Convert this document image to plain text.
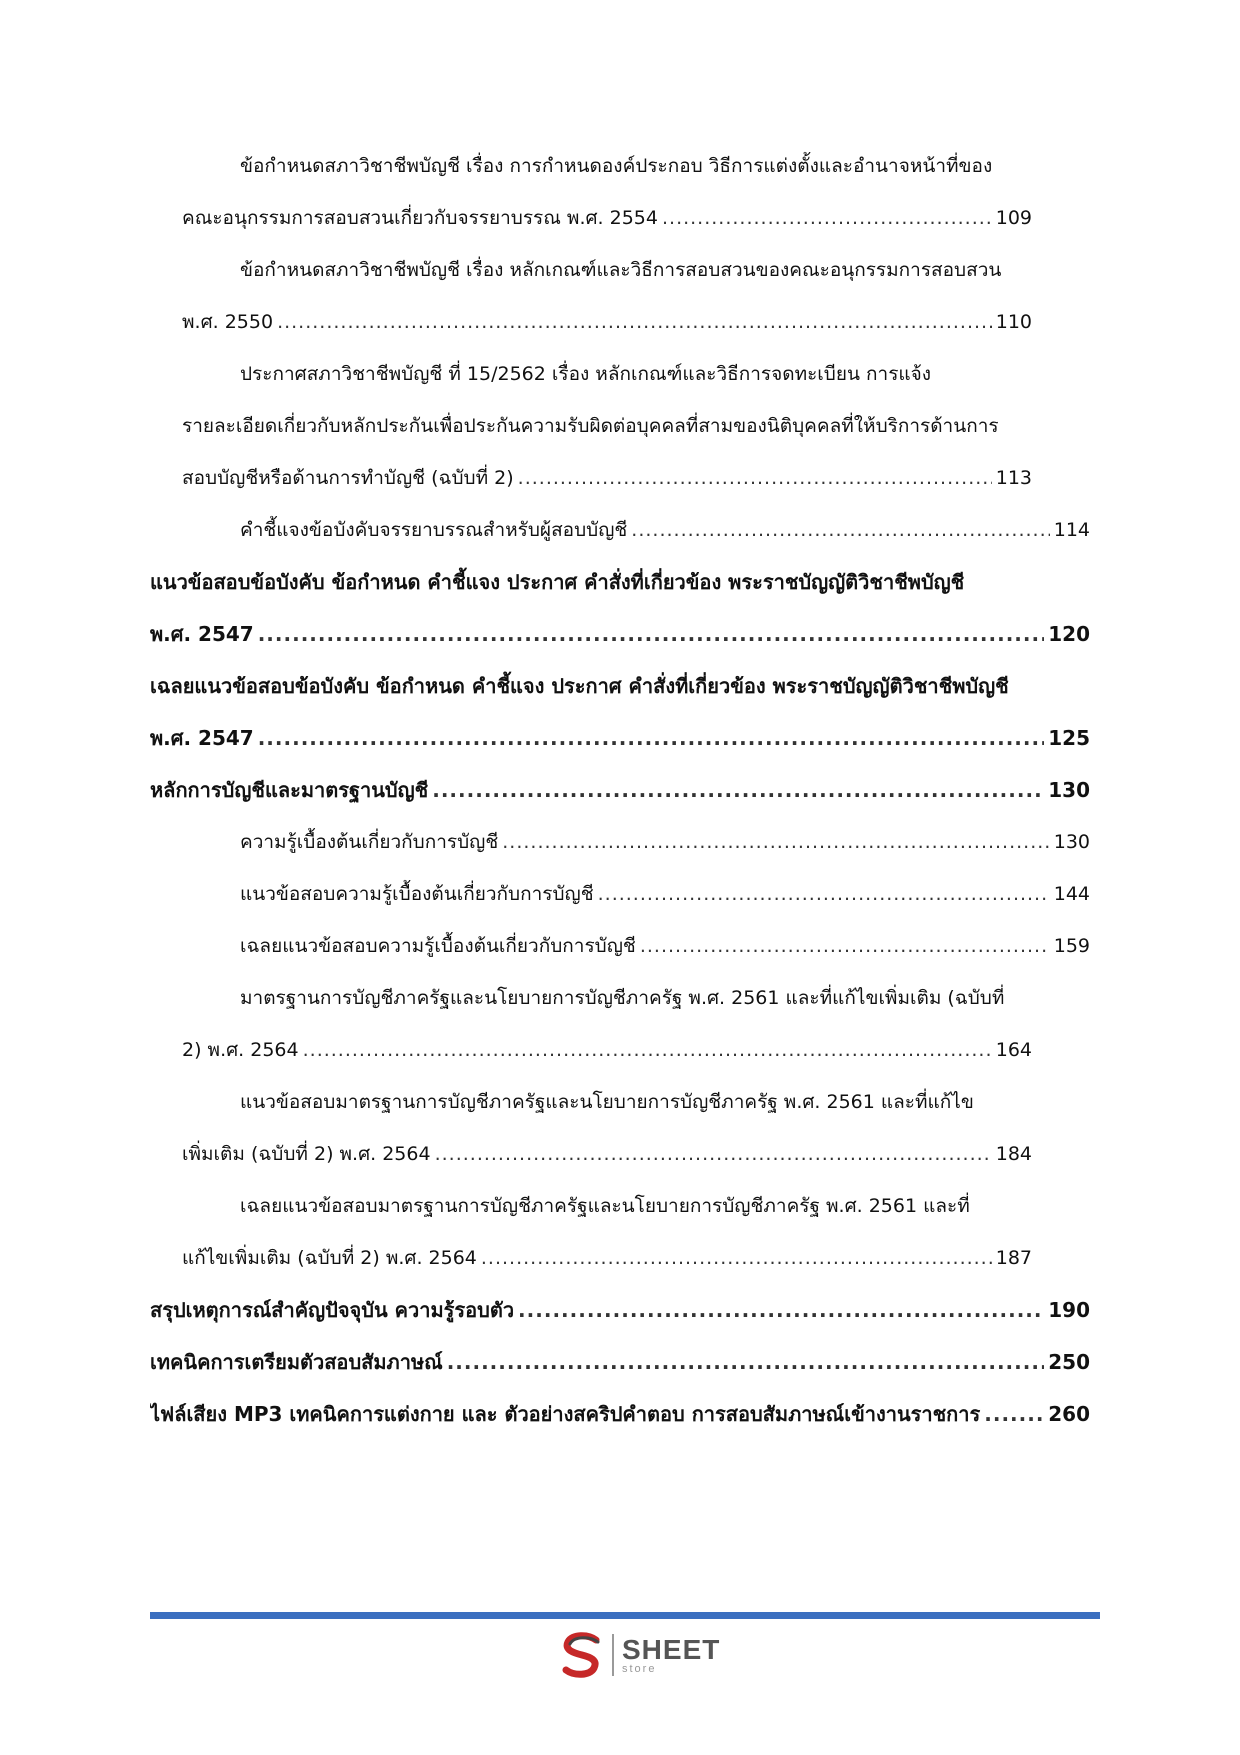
ข้อกำหนดสภาวิชาชีพบัญชี เรื่อง การกำหนดองค์ประกอบ วิธีการแต่งตั้งและอำนาจหน้าที่ของ
คณะอนุกรรมการสอบสวนเกี่ยวกับจรรยาบรรณ พ.ศ. 2554 .....	109
ข้อกำหนดสภาวิชาชีพบัญชี เรื่อง หลักเกณฑ์และวิธีการสอบสวนของคณะอนุกรรมการสอบสวน
พ.ศ. 2550 .....	110
ประกาศสภาวิชาชีพบัญชี ที่ 15/2562 เรื่อง หลักเกณฑ์และวิธีการจดทะเบียน การแจ้ง
รายละเอียดเกี่ยวกับหลักประกันเพื่อประกันความรับผิดต่อบุคคลที่สามของนิติบุคคลที่ให้บริการด้านการ
สอบบัญชีหรือด้านการทำบัญชี (ฉบับที่ 2) .....	113
คำชี้แจงข้อบังคับจรรยาบรรณสำหรับผู้สอบบัญชี .....	114
แนวข้อสอบข้อบังคับ ข้อกำหนด คำชี้แจง ประกาศ คำสั่งที่เกี่ยวข้อง พระราชบัญญัติวิชาชีพบัญชี
พ.ศ. 2547 .....	120
เฉลยแนวข้อสอบข้อบังคับ ข้อกำหนด คำชี้แจง ประกาศ คำสั่งที่เกี่ยวข้อง พระราชบัญญัติวิชาชีพบัญชี
พ.ศ. 2547 .....	125
หลักการบัญชีและมาตรฐานบัญชี .....	130
ความรู้เบื้องต้นเกี่ยวกับการบัญชี .....	130
แนวข้อสอบความรู้เบื้องต้นเกี่ยวกับการบัญชี .....	144
เฉลยแนวข้อสอบความรู้เบื้องต้นเกี่ยวกับการบัญชี .....	159
มาตรฐานการบัญชีภาครัฐและนโยบายการบัญชีภาครัฐ พ.ศ. 2561 และที่แก้ไขเพิ่มเติม (ฉบับที่
2) พ.ศ. 2564 .....	164
แนวข้อสอบมาตรฐานการบัญชีภาครัฐและนโยบายการบัญชีภาครัฐ พ.ศ. 2561 และที่แก้ไข
เพิ่มเติม (ฉบับที่ 2) พ.ศ. 2564 .....	184
เฉลยแนวข้อสอบมาตรฐานการบัญชีภาครัฐและนโยบายการบัญชีภาครัฐ พ.ศ. 2561 และที่
แก้ไขเพิ่มเติม (ฉบับที่ 2) พ.ศ. 2564 .....	187
สรุปเหตุการณ์สำคัญปัจจุบัน ความรู้รอบตัว .....	190
เทคนิคการเตรียมตัวสอบสัมภาษณ์ .....	250
ไฟล์เสียง MP3 เทคนิคการแต่งกาย และ ตัวอย่างสคริปคำตอบ การสอบสัมภาษณ์เข้างานราชการ .....	260
SHEET
store
